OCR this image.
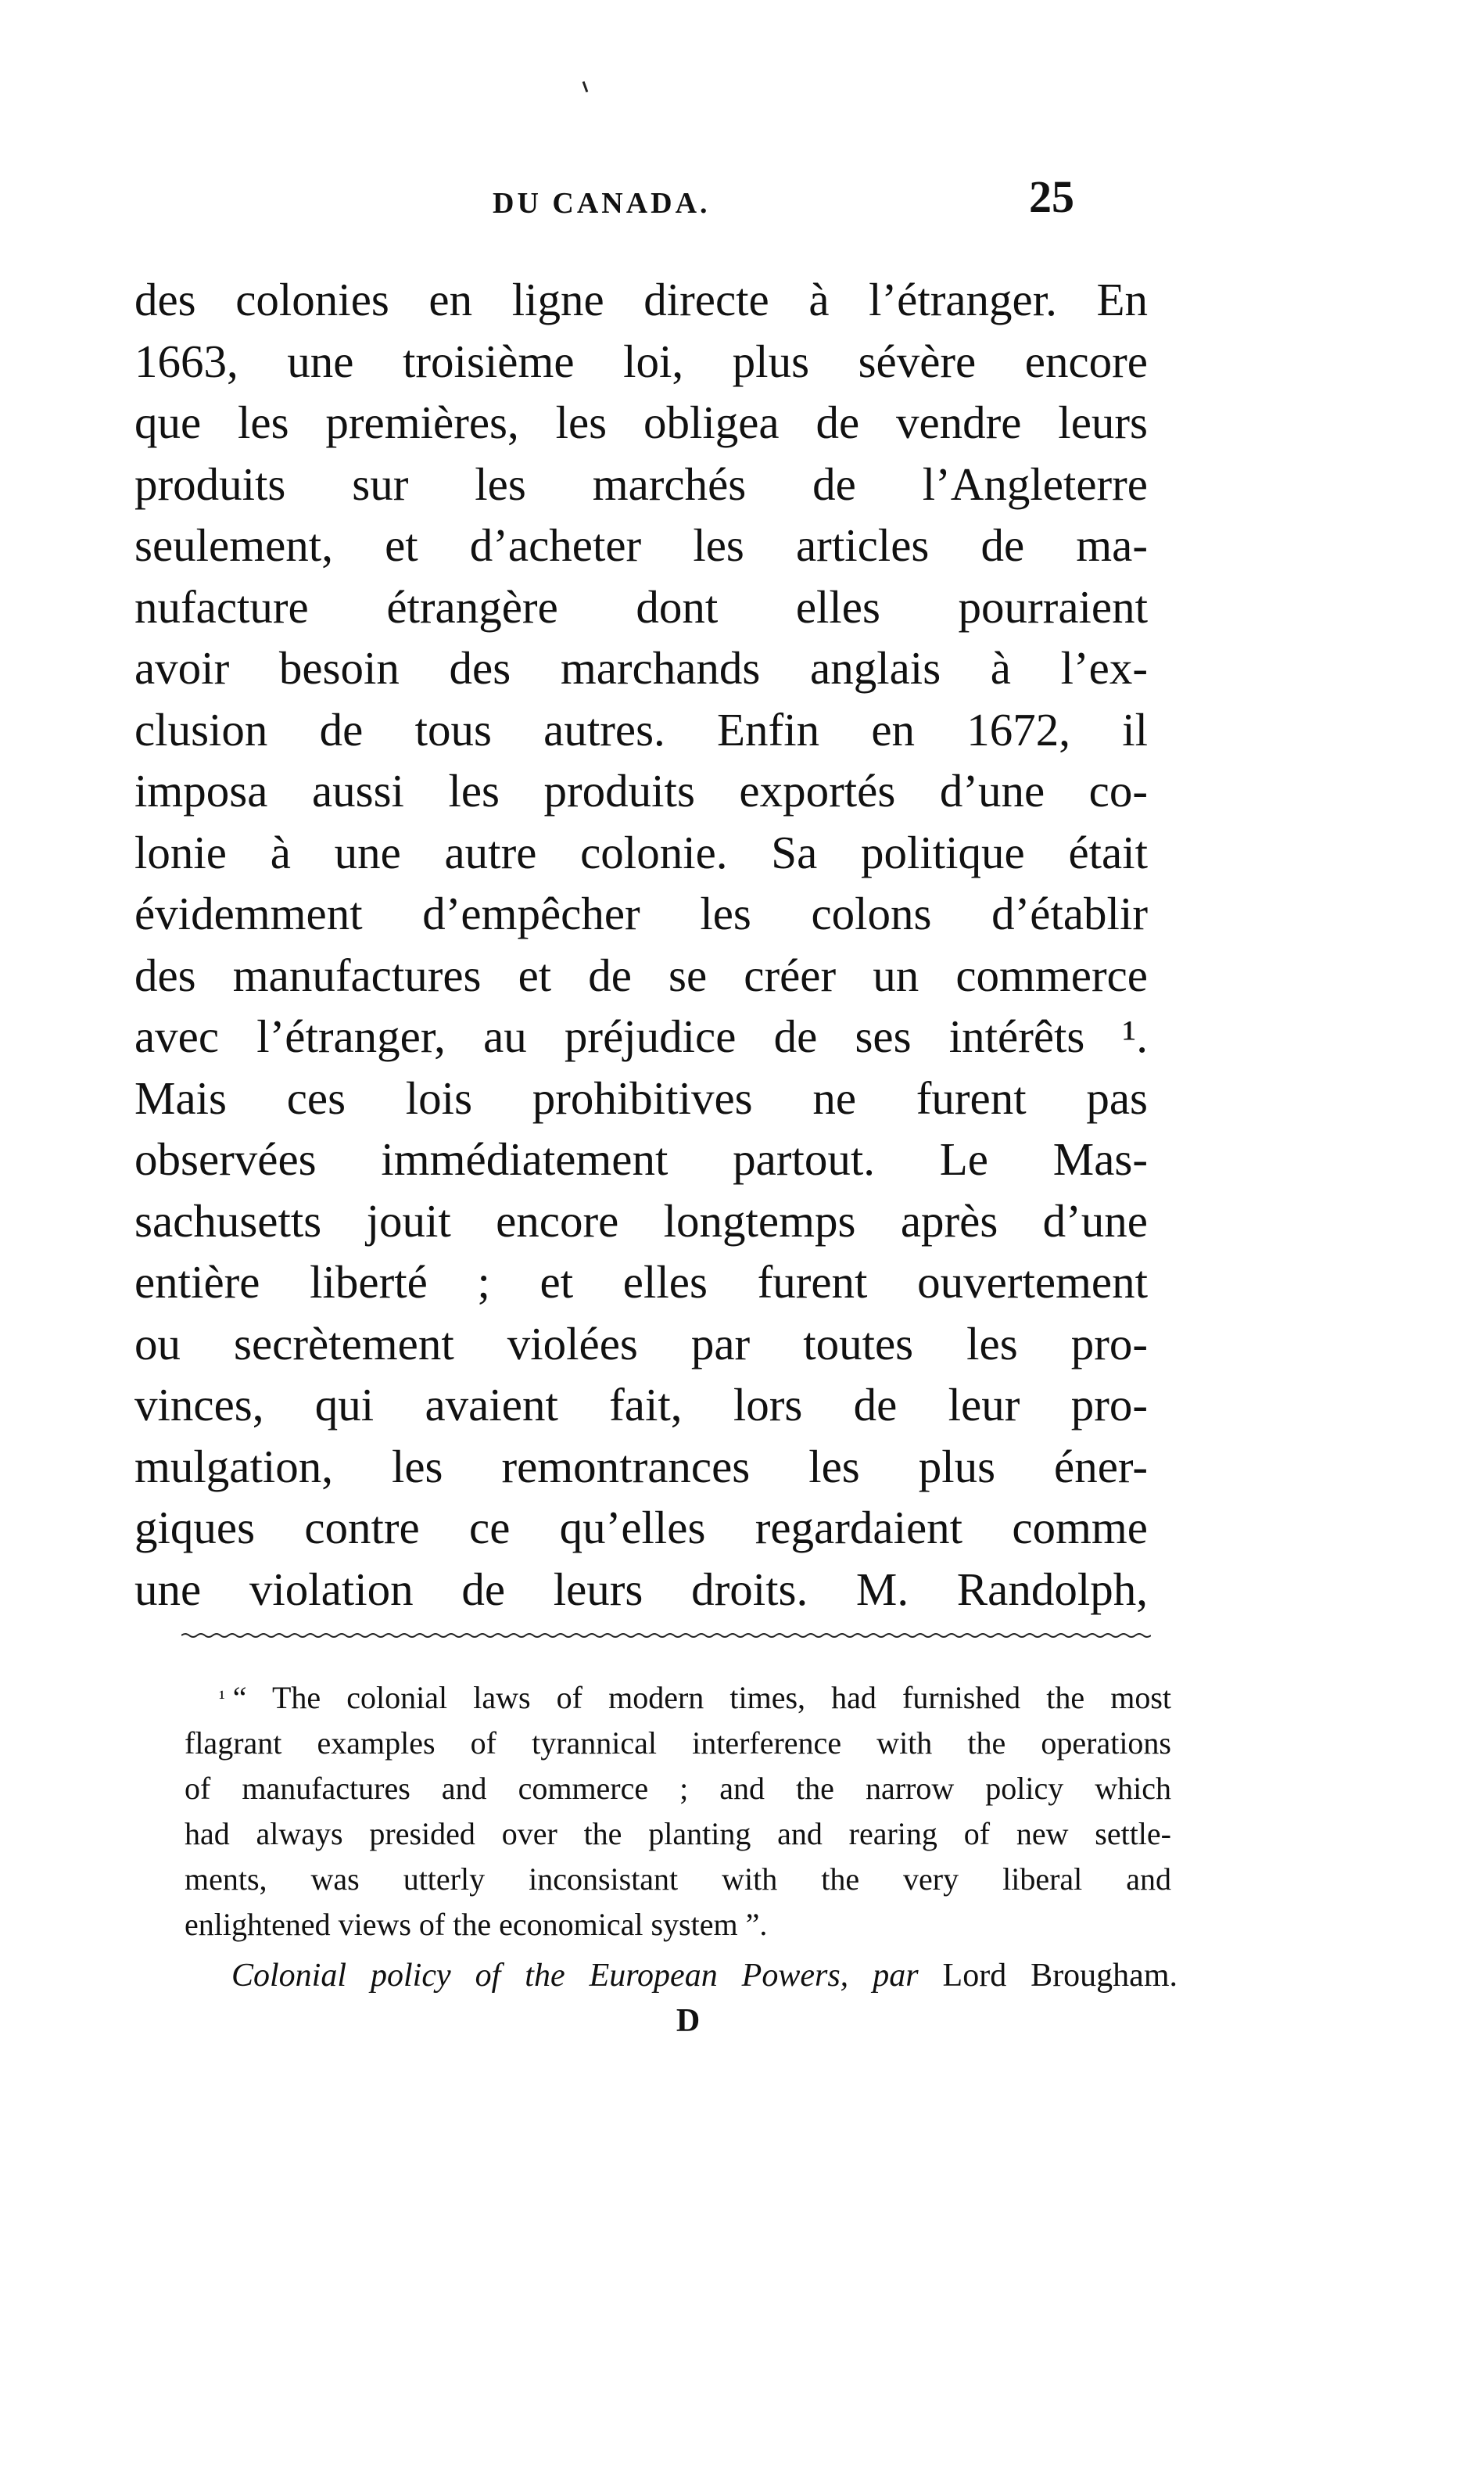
DU CANADA.	25
des colonies en ligne directe à l’étranger. En
1663, une troisième loi, plus sévère encore
que les premières, les obligea de vendre leurs
produits sur les marchés de l’Angleterre
seulement, et d’acheter les articles de ma-
nufacture étrangère dont elles pourraient
avoir besoin des marchands anglais à l’ex-
clusion de tous autres. Enfin en 1672, il
imposa aussi les produits exportés d’une co-
lonie à une autre colonie. Sa politique était
évidemment d’empêcher les colons d’établir
des manufactures et de se créer un commerce
avec l’étranger, au préjudice de ses intérêts ¹.
Mais ces lois prohibitives ne furent pas
observées immédiatement partout. Le Mas-
sachusetts jouit encore longtemps après d’une
entière liberté ; et elles furent ouvertement
ou secrètement violées par toutes les pro-
vinces, qui avaient fait, lors de leur pro-
mulgation, les remontrances les plus éner-
giques contre ce qu’elles regardaient comme
une violation de leurs droits. M. Randolph,
$^{^1}$ “ The colonial laws of modern times, had furnished the most
flagrant examples of tyrannical interference with the operations
of manufactures and commerce ; and the narrow policy which
had always presided over the planting and rearing of new settle-
ments, was utterly inconsistant with the very liberal and
enlightened views of the economical system ”.
Colonial policy of the European Powers, par Lord Brougham.
D
